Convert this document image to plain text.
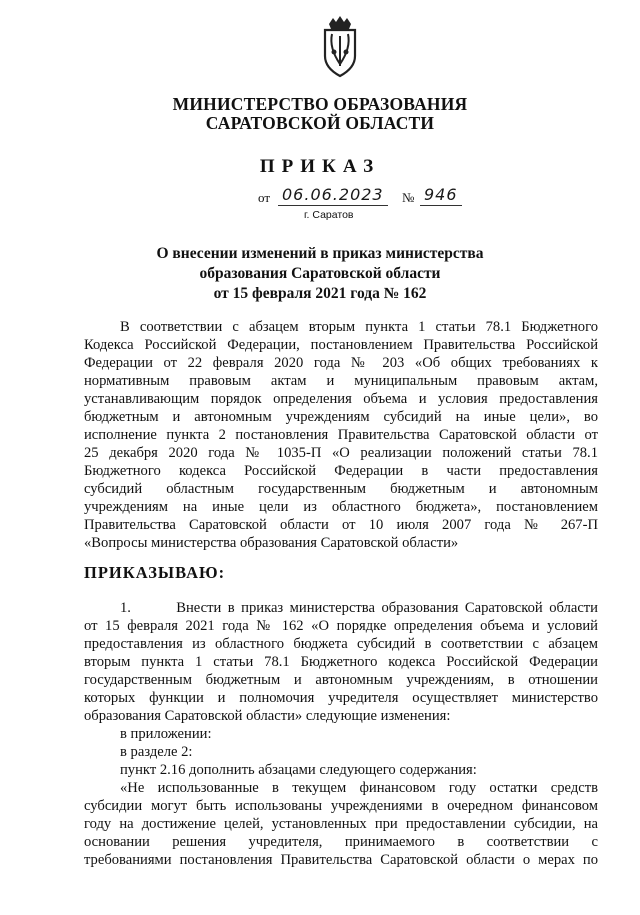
МИНИСТЕРСТВО ОБРАЗОВАНИЯ
САРАТОВСКОЙ ОБЛАСТИ
ПРИКАЗ
от 06.06.2023 № 946
г. Саратов
О внесении изменений в приказ министерства
образования Саратовской области
от 15 февраля 2021 года № 162
В соответствии с абзацем вторым пункта 1 статьи 78.1 Бюджетного
Кодекса Российской Федерации, постановлением Правительства Российской
Федерации от 22 февраля 2020 года № 203 «Об общих требованиях к
нормативным правовым актам и муниципальным правовым актам,
устанавливающим порядок определения объема и условия предоставления
бюджетным и автономным учреждениям субсидий на иные цели», во
исполнение пункта 2 постановления Правительства Саратовской области от
25 декабря 2020 года № 1035-П «О реализации положений статьи 78.1
Бюджетного кодекса Российской Федерации в части предоставления
субсидий областным государственным бюджетным и автономным
учреждениям на иные цели из областного бюджета», постановлением
Правительства Саратовской области от 10 июля 2007 года № 267-П
«Вопросы министерства образования Саратовской области»
ПРИКАЗЫВАЮ:
1.       Внести в приказ министерства образования Саратовской области
от 15 февраля 2021 года № 162 «О порядке определения объема и условий
предоставления из областного бюджета субсидий в соответствии с абзацем
вторым пункта 1 статьи 78.1 Бюджетного кодекса Российской Федерации
государственным бюджетным и автономным учреждениям, в отношении
которых функции и полномочия учредителя осуществляет министерство
образования Саратовской области» следующие изменения:
в приложении:
в разделе 2:
пункт 2.16 дополнить абзацами следующего содержания:
«Не использованные в текущем финансовом году остатки средств
субсидии могут быть использованы учреждениями в очередном финансовом
году на достижение целей, установленных при предоставлении субсидии, на
основании решения учредителя, принимаемого в соответствии с
требованиями постановления Правительства Саратовской области о мерах по
